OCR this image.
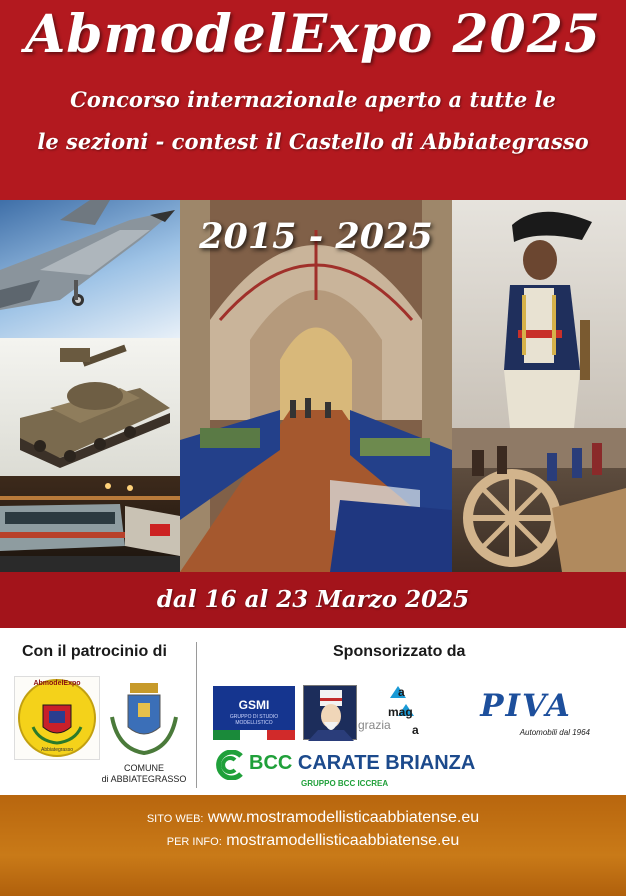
AbmodelExpo 2025
Concorso internazionale aperto a tutte le
le sezioni - contest il Castello di Abbiategrasso
2015 - 2025
dal 16 al 23 Marzo 2025
Con il patrocinio di	Sponsorizzato da
AbmodelExpo
Abbiategrasso
COMUNE
di ABBIATEGRASSO
GSMI
GRUPPO DI STUDIO MODELLISTICO
a
mag
a
grazia
PIVA
Automobili dal 1964
BCC CARATE BRIANZA
GRUPPO BCC ICCREA
SITO WEB: www.mostramodellisticaabbiatense.eu
PER INFO: mostramodellisticaabbiatense.eu
